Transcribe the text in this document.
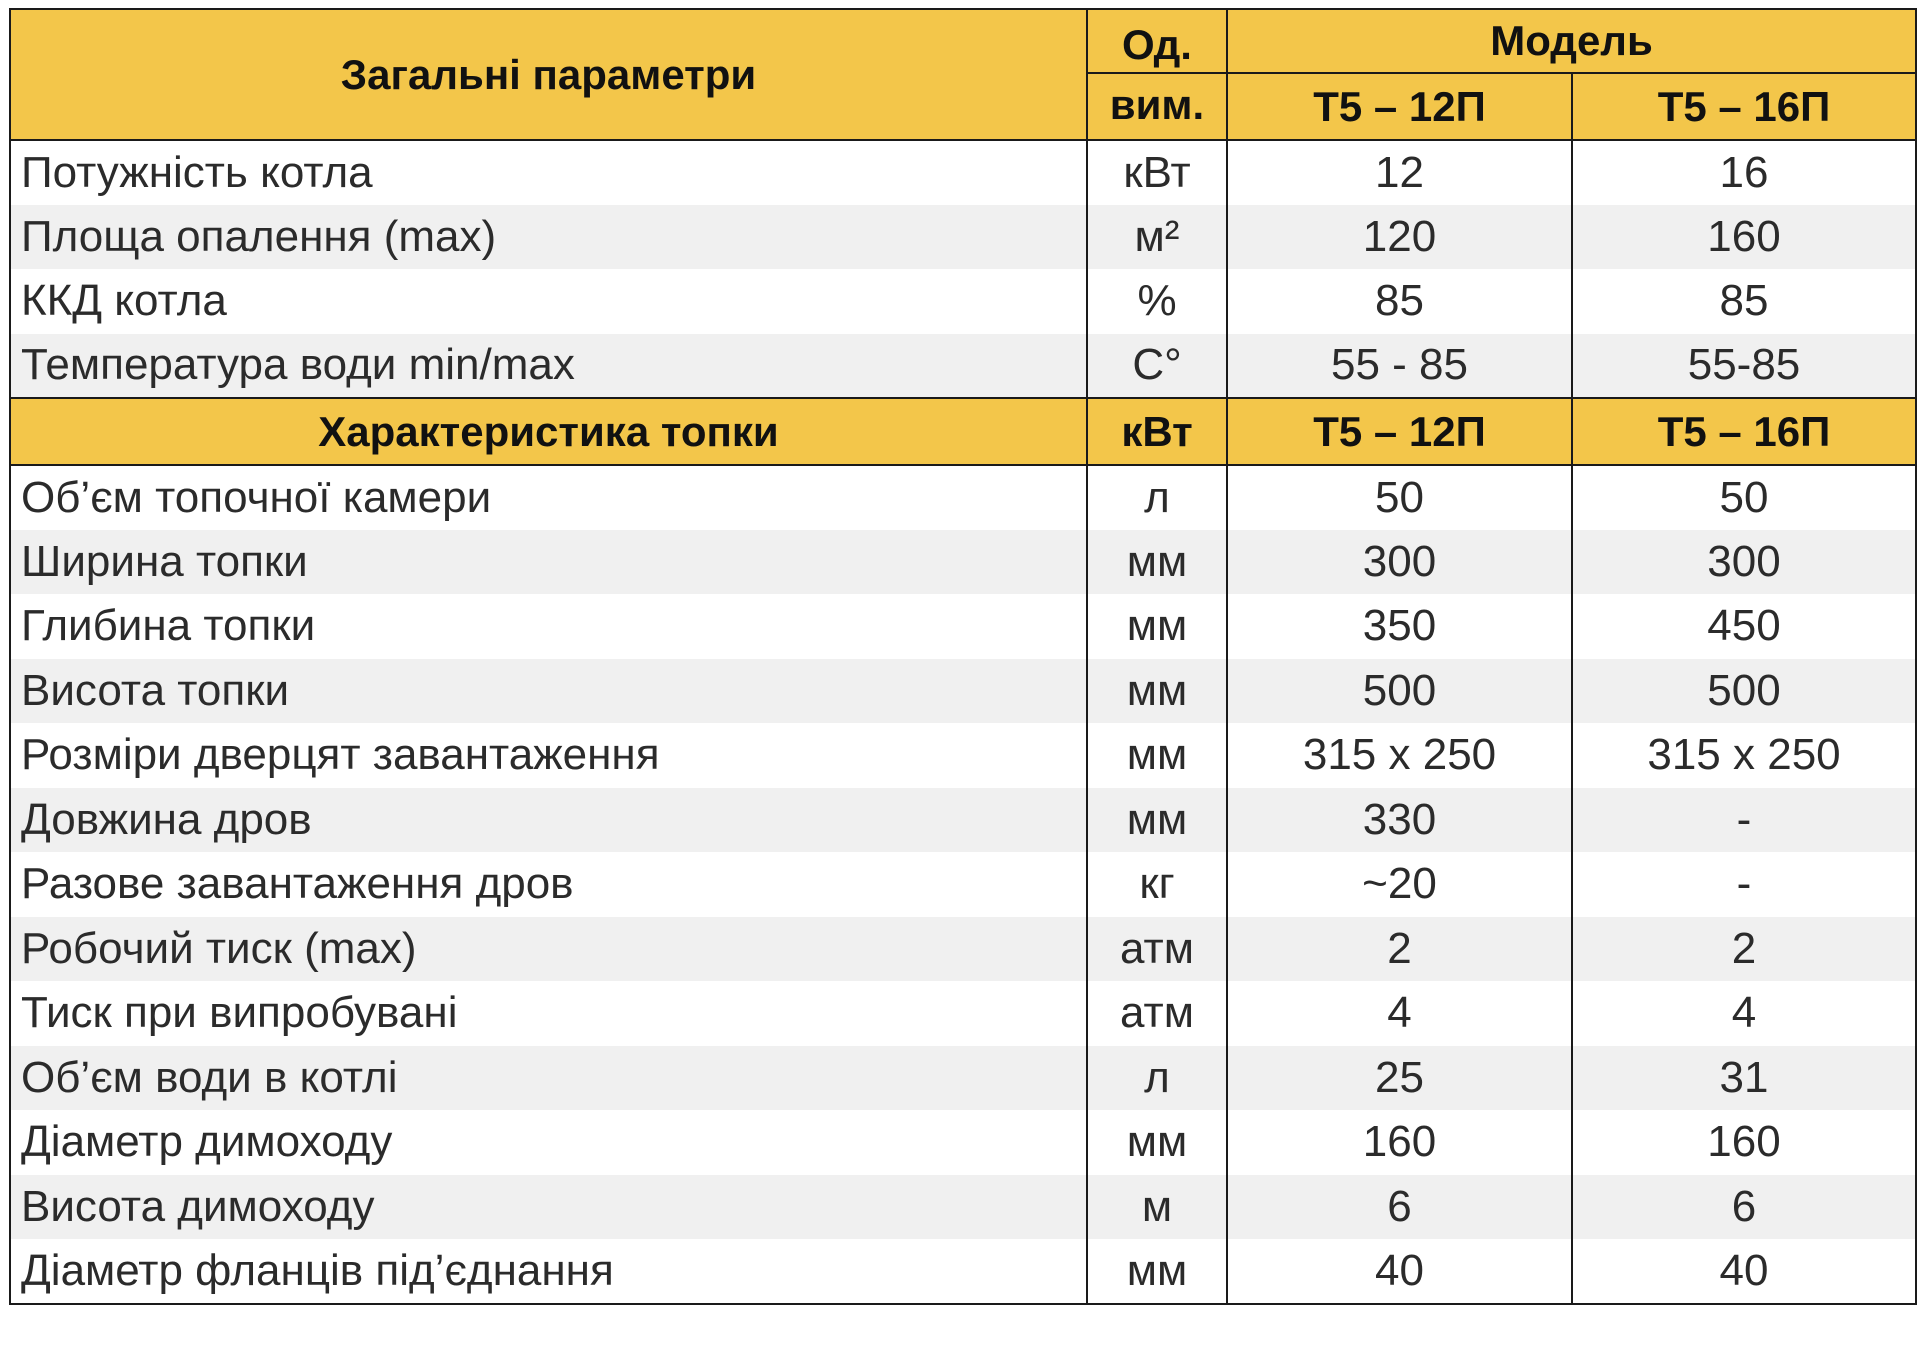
Загальні параметри	Од.	Модель	
	вим.	Т5 – 12П	Т5 – 16П
Потужність котла	кВт	12	16
Площа опалення (max)	м²	120	160
ККД котла	%	85	85
Температура води min/max	C°	55 - 85	55-85
Характеристика топки	кВт	Т5 – 12П	Т5 – 16П
Об’єм топочної камери	л	50	50
Ширина топки	мм	300	300
Глибина топки	мм	350	450
Висота топки	мм	500	500
Розміри дверцят завантаження	мм	315 х 250	315 х 250
Довжина дров	мм	330	-
Разове завантаження дров	кг	~20	-
Робочий тиск (max)	атм	2	2
Тиск при випробувані	атм	4	4
Об’єм води в котлі	л	25	31
Діаметр димоходу	мм	160	160
Висота димоходу	м	6	6
Діаметр фланців під’єднання	мм	40	40
